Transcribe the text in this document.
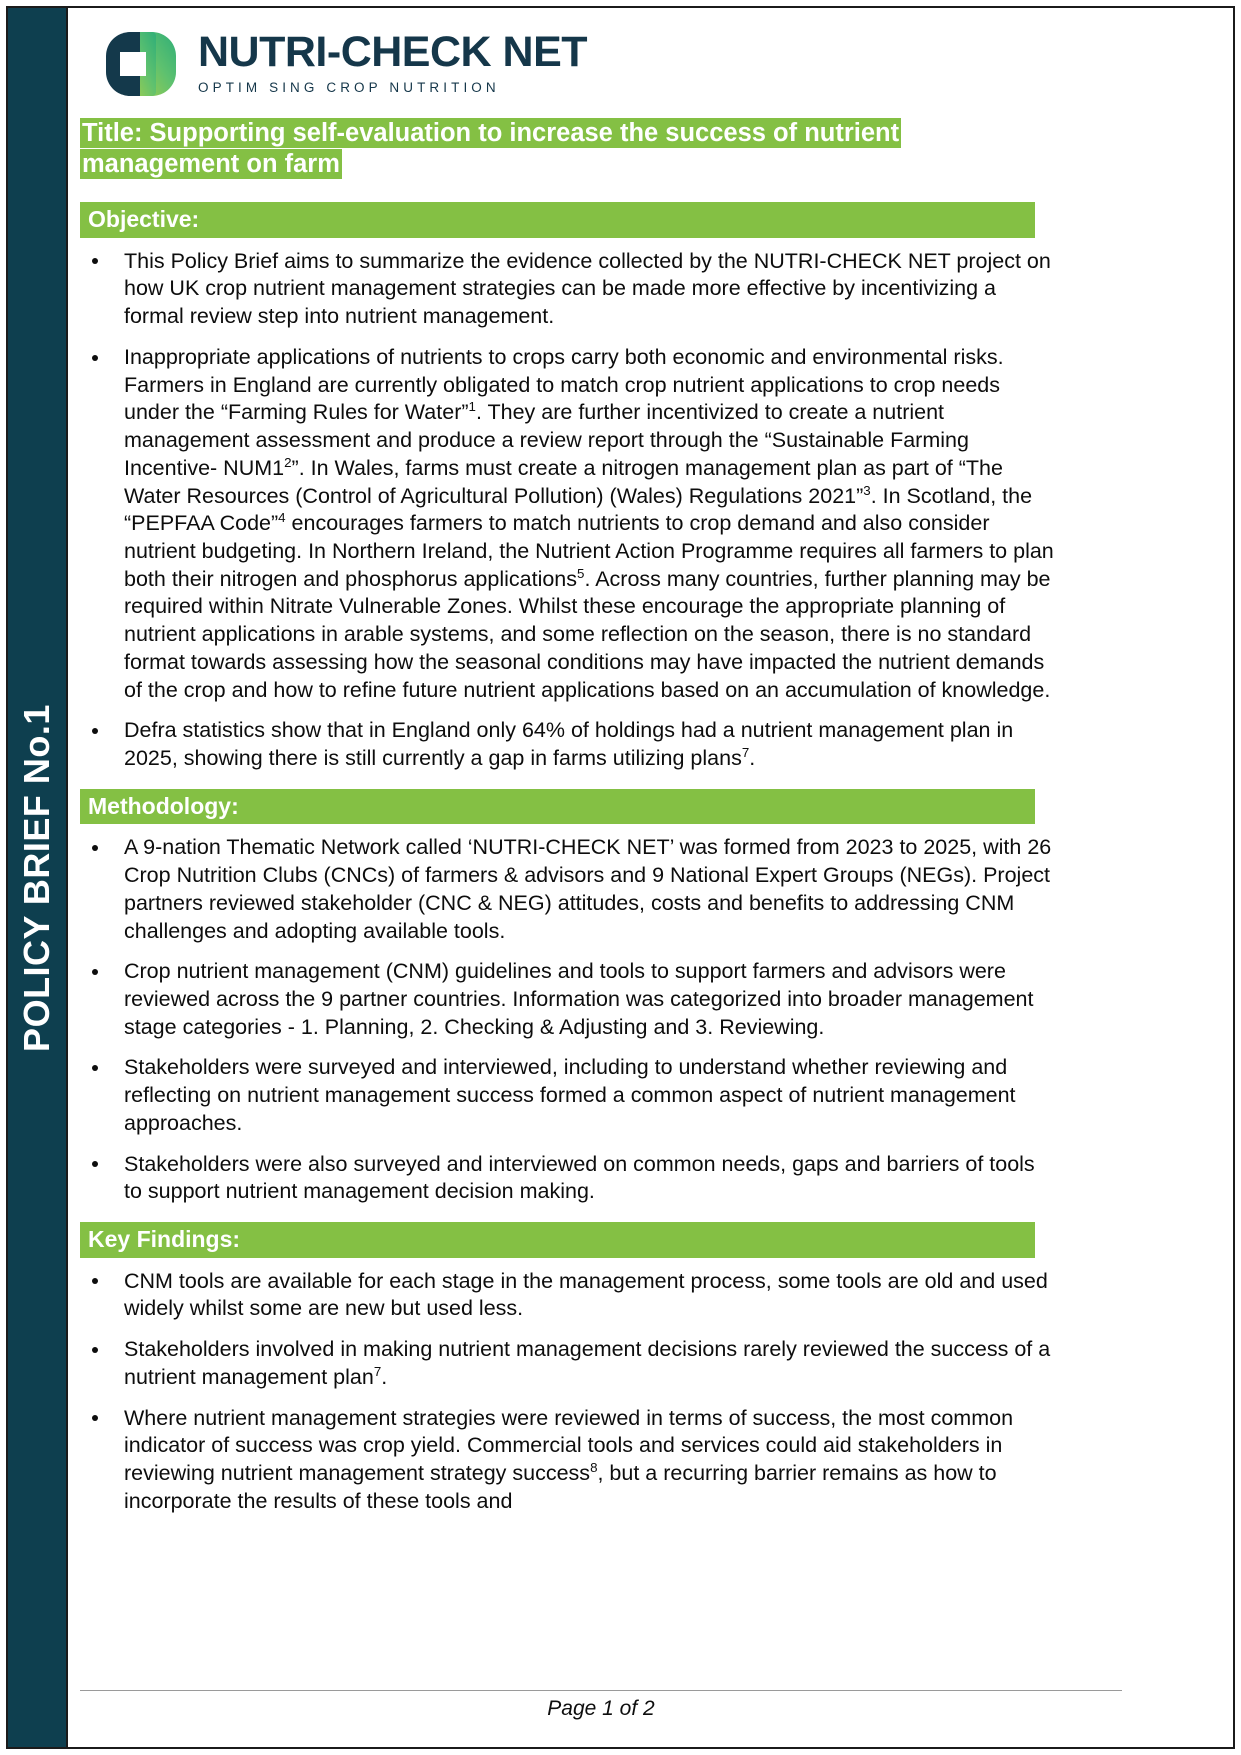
POLICY BRIEF No.1
NUTRI-CHECK NET
OPTIM SING CROP NUTRITION
Title: Supporting self-evaluation to increase the success of nutrient management on farm
Objective:
This Policy Brief aims to summarize the evidence collected by the NUTRI-CHECK NET project on how UK crop nutrient management strategies can be made more effective by incentivizing a formal review step into nutrient management.
Inappropriate applications of nutrients to crops carry both economic and environmental risks. Farmers in England are currently obligated to match crop nutrient applications to crop needs under the “Farming Rules for Water”$^1$. They are further incentivized to create a nutrient management assessment and produce a review report through the “Sustainable Farming Incentive- $NUM1^2$”. In Wales, farms must create a nitrogen management plan as part of “The Water Resources (Control of Agricultural Pollution) (Wales) Regulations 2021”$^3$. In Scotland, the “PEPFAA Code”$^4$ encourages farmers to match nutrients to crop demand and also consider nutrient budgeting. In Northern Ireland, the Nutrient Action Programme requires all farmers to plan both their nitrogen and phosphorus applications$^5$. Across many countries, further planning may be required within Nitrate Vulnerable Zones. Whilst these encourage the appropriate planning of nutrient applications in arable systems, and some reflection on the season, there is no standard format towards assessing how the seasonal conditions may have impacted the nutrient demands of the crop and how to refine future nutrient applications based on an accumulation of knowledge.
Defra statistics show that in England only 64% of holdings had a nutrient management plan in 2025, showing there is still currently a gap in farms utilizing plans$^7$.
Methodology:
A 9-nation Thematic Network called ‘NUTRI-CHECK NET’ was formed from 2023 to 2025, with 26 Crop Nutrition Clubs (CNCs) of farmers & advisors and 9 National Expert Groups (NEGs). Project partners reviewed stakeholder (CNC & NEG) attitudes, costs and benefits to addressing CNM challenges and adopting available tools.
Crop nutrient management (CNM) guidelines and tools to support farmers and advisors were reviewed across the 9 partner countries. Information was categorized into broader management stage categories - 1. Planning, 2. Checking & Adjusting and 3. Reviewing.
Stakeholders were surveyed and interviewed, including to understand whether reviewing and reflecting on nutrient management success formed a common aspect of nutrient management approaches.
Stakeholders were also surveyed and interviewed on common needs, gaps and barriers of tools to support nutrient management decision making.
Key Findings:
CNM tools are available for each stage in the management process, some tools are old and used widely whilst some are new but used less.
Stakeholders involved in making nutrient management decisions rarely reviewed the success of a nutrient management plan$^7$.
Where nutrient management strategies were reviewed in terms of success, the most common indicator of success was crop yield. Commercial tools and services could aid stakeholders in reviewing nutrient management strategy success$^8$, but a recurring barrier remains as how to incorporate the results of these tools and
Page 1 of 2
